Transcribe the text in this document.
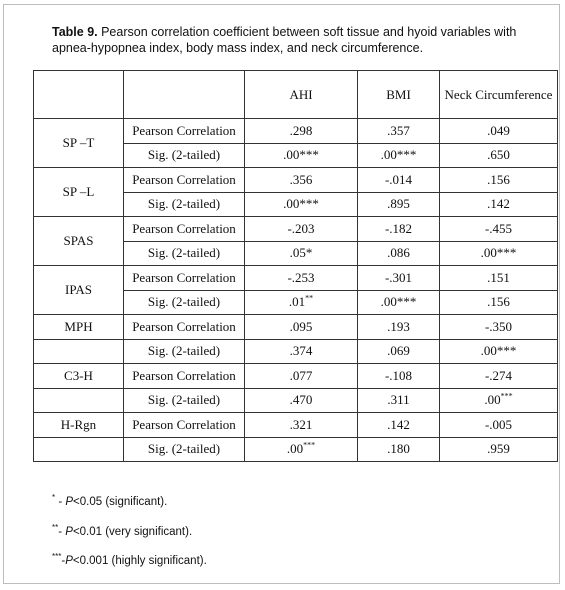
Table 9. Pearson correlation coefficient between soft tissue and hyoid variables with apnea-hypopnea index, body mass index, and neck circumference.
		AHI	BMI	Neck Circumference
SP –T	Pearson Correlation	.298	.357	.049
	Sig. (2-tailed)	.00***	.00***	.650
SP –L	Pearson Correlation	.356	-.014	.156
	Sig. (2-tailed)	.00***	.895	.142
SPAS	Pearson Correlation	-.203	-.182	-.455
	Sig. (2-tailed)	.05*	.086	.00***
IPAS	Pearson Correlation	-.253	-.301	.151
	Sig. (2-tailed)	.01**	.00***	.156
MPH	Pearson Correlation	.095	.193	-.350
	Sig. (2-tailed)	.374	.069	.00***
C3-H	Pearson Correlation	.077	-.108	-.274
	Sig. (2-tailed)	.470	.311	.00***
H-Rgn	Pearson Correlation	.321	.142	-.005
	Sig. (2-tailed)	.00***	.180	.959
* - P<0.05 (significant).
**- P<0.01 (very significant).
***-P<0.001 (highly significant).
